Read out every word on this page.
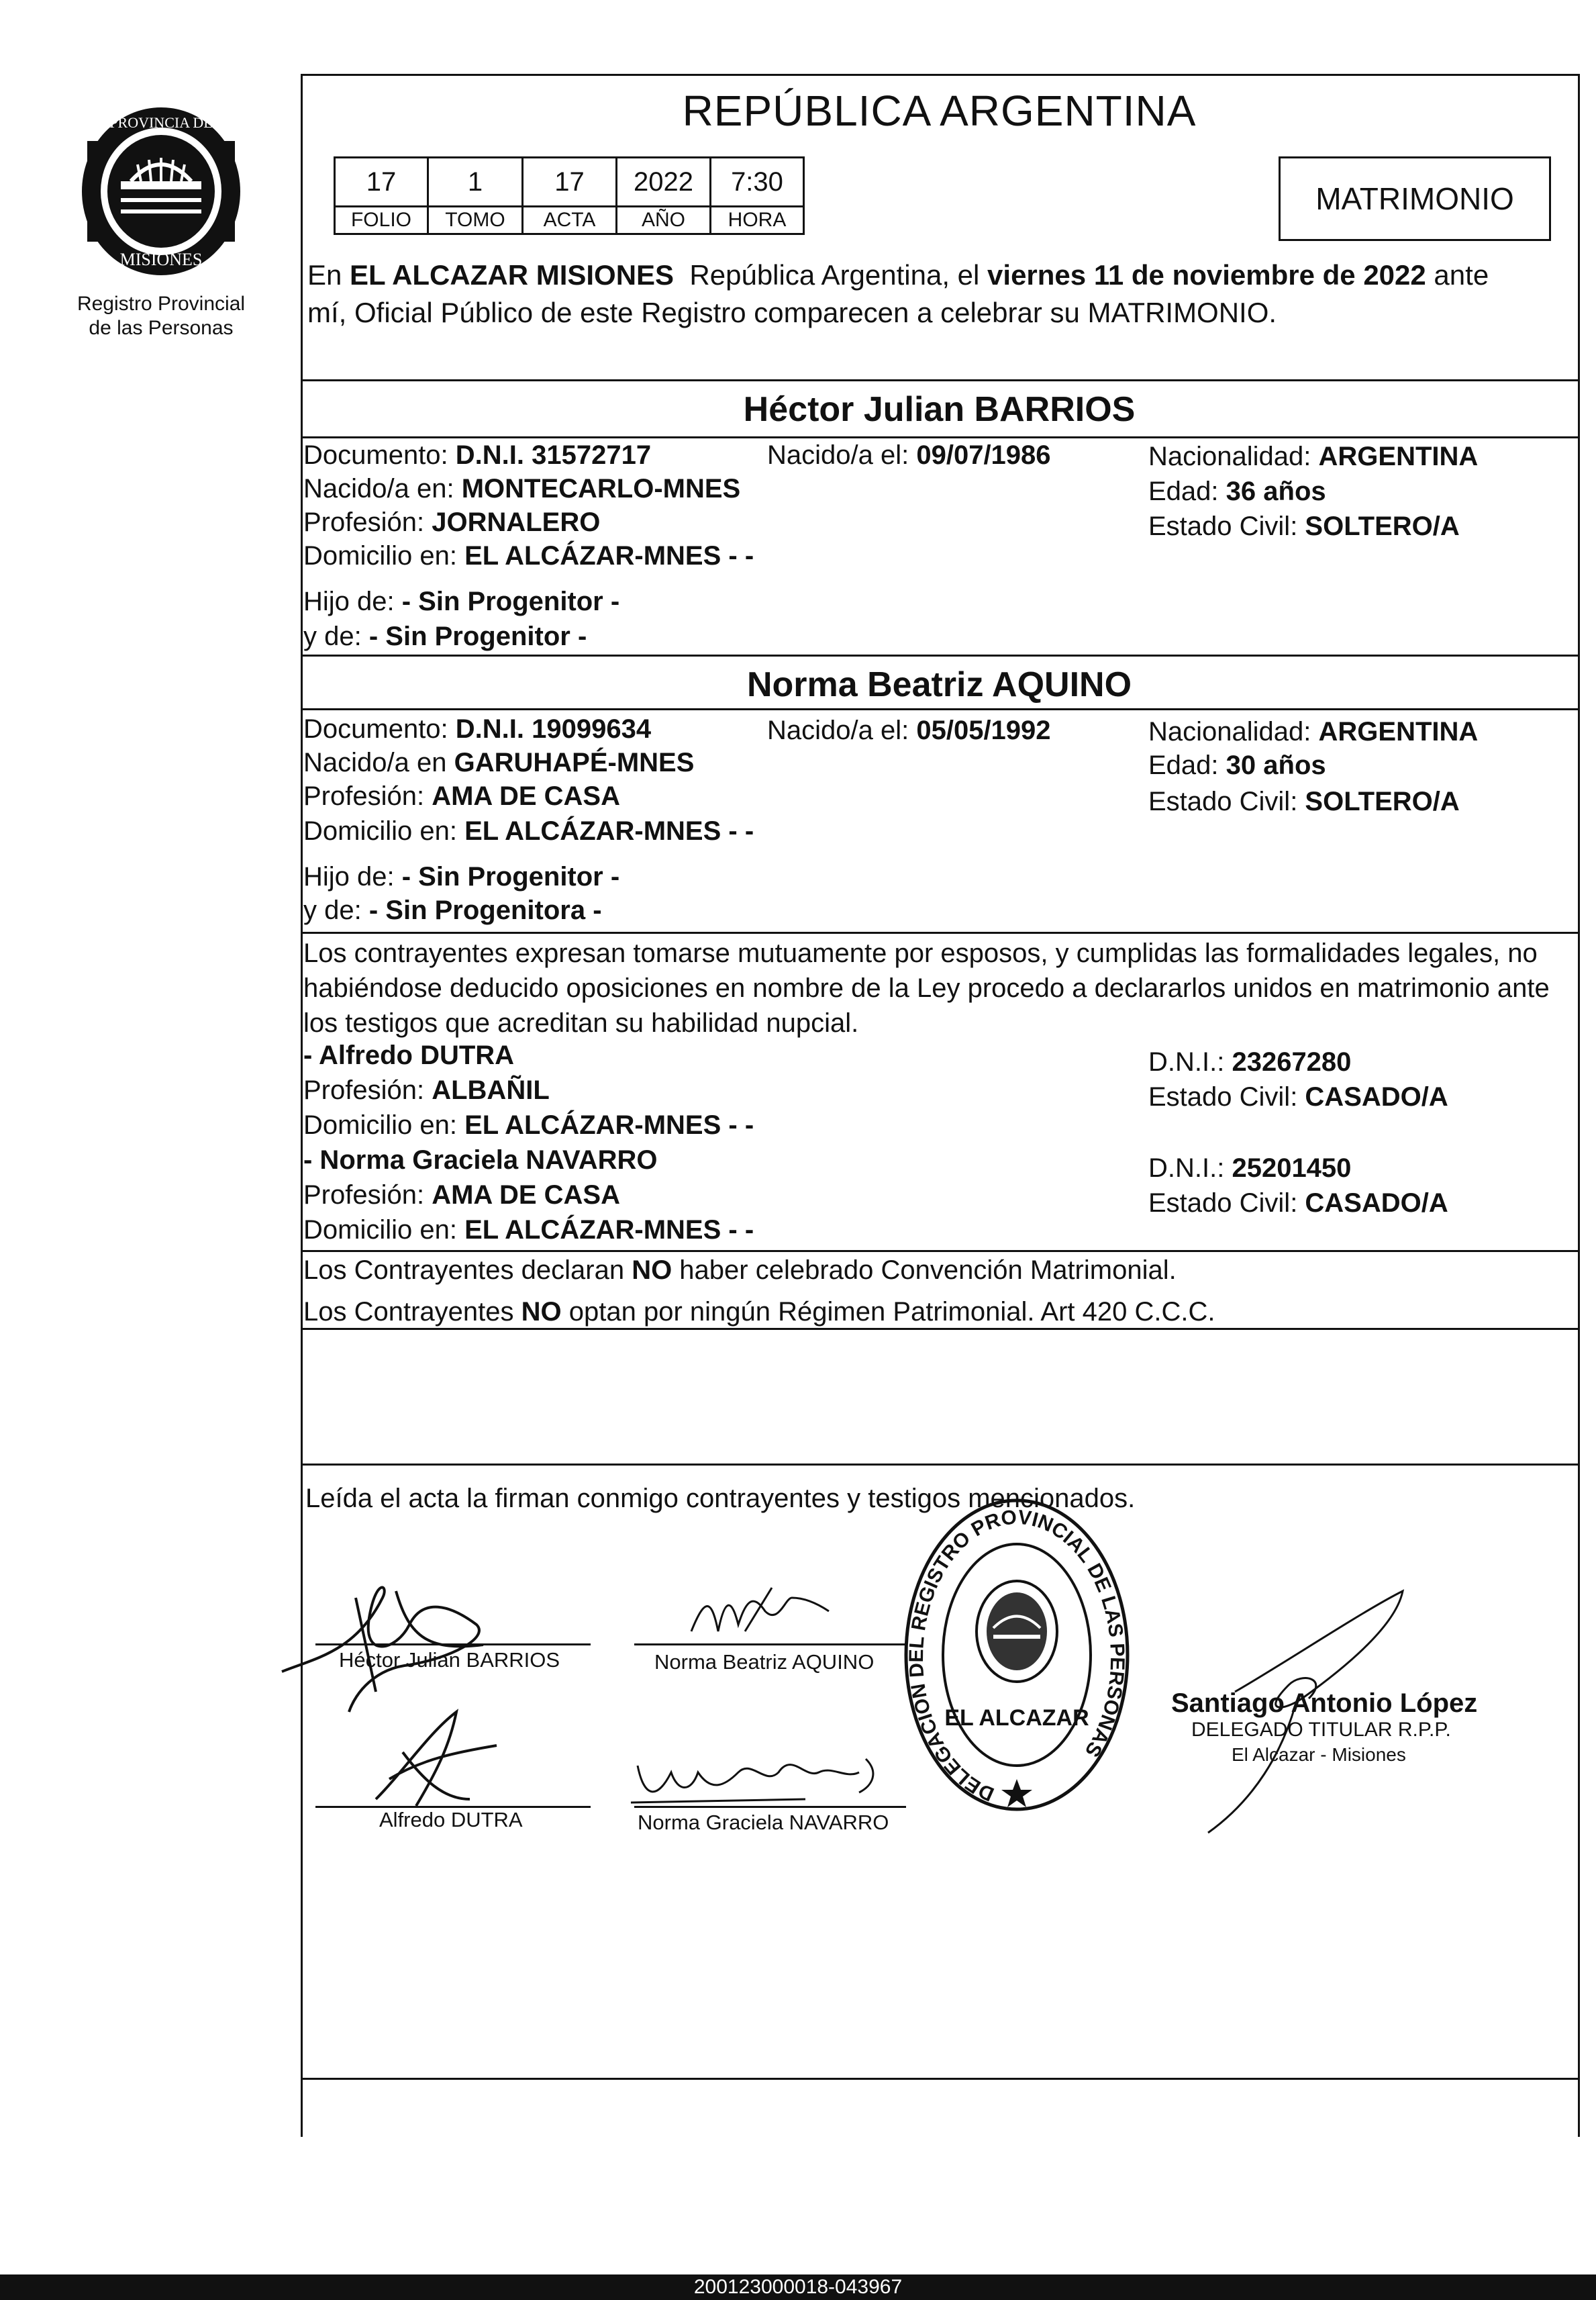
PROVINCIA DE
MISIONES
Registro Provincial
de las Personas
REPÚBLICA ARGENTINA
17	1	17	2022	7:30
FOLIO	TOMO	ACTA	AÑO	HORA
MATRIMONIO
En EL ALCAZAR MISIONES  República Argentina, el viernes 11 de noviembre de 2022 ante
mí, Oficial Público de este Registro comparecen a celebrar su MATRIMONIO.
Héctor Julian BARRIOS
Documento: D.N.I. 31572717	Nacido/a el: 09/07/1986	Nacionalidad: ARGENTINA
Nacido/a en: MONTECARLO-MNES	Edad: 36 años
Profesión: JORNALERO	Estado Civil: SOLTERO/A
Domicilio en: EL ALCÁZAR-MNES - -
Hijo de: - Sin Progenitor -
y de: - Sin Progenitor -
Norma Beatriz AQUINO
Documento: D.N.I. 19099634	Nacido/a el: 05/05/1992	Nacionalidad: ARGENTINA
Nacido/a en GARUHAPÉ-MNES	Edad: 30 años
Profesión: AMA DE CASA	Estado Civil: SOLTERO/A
Domicilio en: EL ALCÁZAR-MNES - -
Hijo de: - Sin Progenitor -
y de: - Sin Progenitora -
Los contrayentes expresan tomarse mutuamente por esposos, y cumplidas las formalidades legales, no
habiéndose deducido oposiciones en nombre de la Ley procedo a declararlos unidos en matrimonio ante
los testigos que acreditan su habilidad nupcial.
- Alfredo DUTRA	D.N.I.: 23267280
Profesión: ALBAÑIL	Estado Civil: CASADO/A
Domicilio en: EL ALCÁZAR-MNES - -
- Norma Graciela NAVARRO	D.N.I.: 25201450
Profesión: AMA DE CASA	Estado Civil: CASADO/A
Domicilio en: EL ALCÁZAR-MNES - -
Los Contrayentes declaran NO haber celebrado Convención Matrimonial.
Los Contrayentes NO optan por ningún Régimen Patrimonial. Art 420 C.C.C.
Leída el acta la firman conmigo contrayentes y testigos mencionados.
Héctor Julian BARRIOS	Norma Beatriz AQUINO
Alfredo DUTRA	Norma Graciela NAVARRO
DELEGACION DEL REGISTRO PROVINCIAL DE LAS PERSONAS
EL ALCAZAR	Santiago Antonio López
DELEGADO TITULAR R.P.P.
El Alcazar - Misiones
200123000018-043967
